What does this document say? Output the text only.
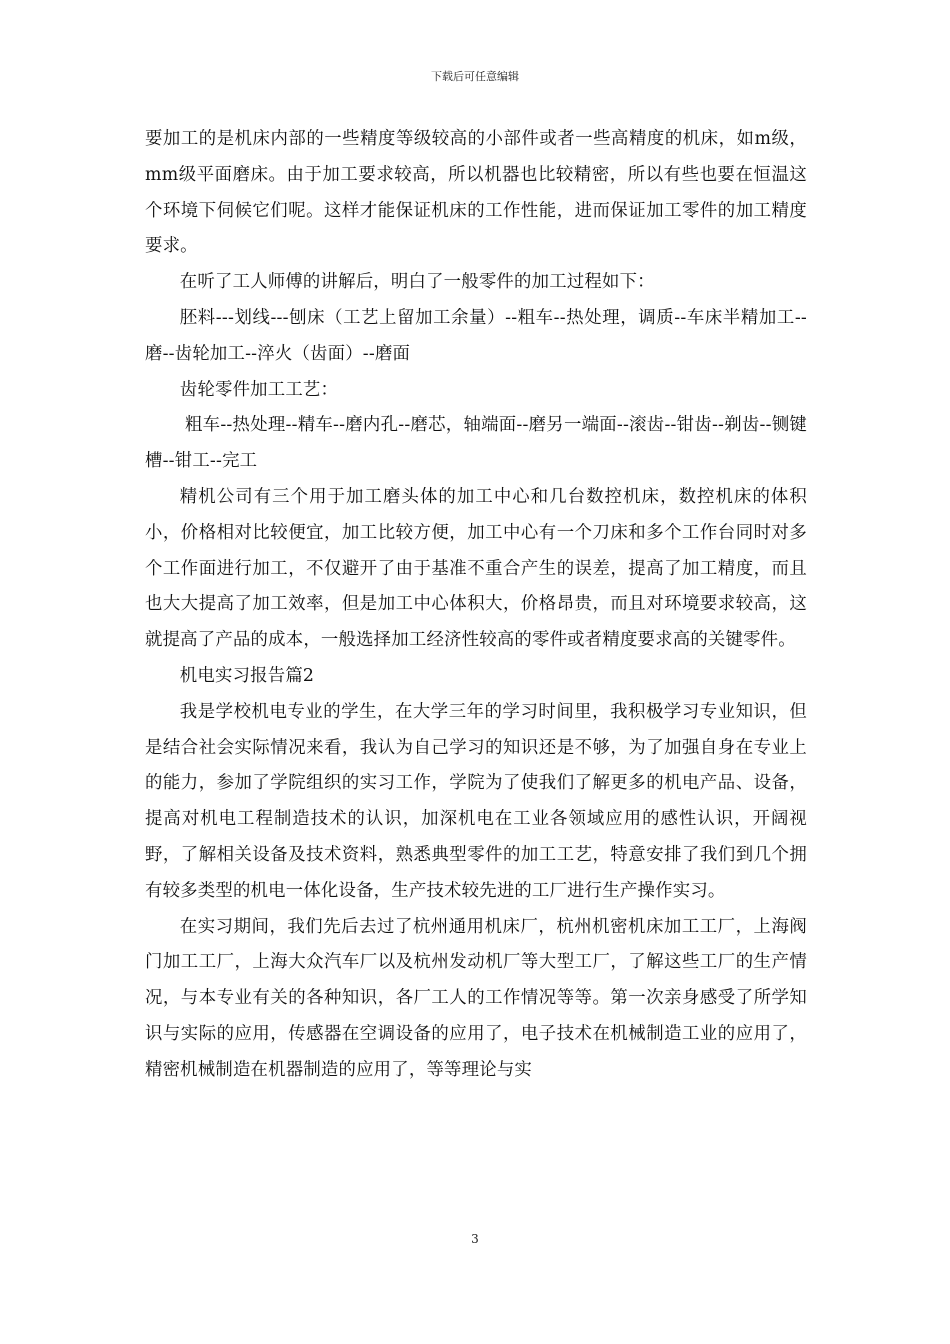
下载后可任意编辑

要加工的是机床内部的一些精度等级较高的小部件或者一些高精度的机床，如m级，mm级平面磨床。由于加工要求较高，所以机器也比较精密，所以有些也要在恒温这个环境下伺候它们呢。这样才能保证机床的工作性能，进而保证加工零件的加工精度要求。

在听了工人师傅的讲解后，明白了一般零件的加工过程如下：

胚料---划线---刨床（工艺上留加工余量）--粗车--热处理，调质--车床半精加工--磨--齿轮加工--淬火（齿面）--磨面

齿轮零件加工工艺：

粗车--热处理--精车--磨内孔--磨芯，轴端面--磨另一端面--滚齿--钳齿--剃齿--铡键槽--钳工--完工

精机公司有三个用于加工磨头体的加工中心和几台数控机床，数控机床的体积小，价格相对比较便宜，加工比较方便，加工中心有一个刀床和多个工作台同时对多个工作面进行加工，不仅避开了由于基准不重合产生的误差，提高了加工精度，而且也大大提高了加工效率，但是加工中心体积大，价格昂贵，而且对环境要求较高，这就提高了产品的成本，一般选择加工经济性较高的零件或者精度要求高的关键零件。

机电实习报告篇2

我是学校机电专业的学生，在大学三年的学习时间里，我积极学习专业知识，但是结合社会实际情况来看，我认为自己学习的知识还是不够，为了加强自身在专业上的能力，参加了学院组织的实习工作，学院为了使我们了解更多的机电产品、设备，提高对机电工程制造技术的认识，加深机电在工业各领域应用的感性认识，开阔视野，了解相关设备及技术资料，熟悉典型零件的加工工艺，特意安排了我们到几个拥有较多类型的机电一体化设备，生产技术较先进的工厂进行生产操作实习。

在实习期间，我们先后去过了杭州通用机床厂，杭州机密机床加工工厂，上海阀门加工工厂，上海大众汽车厂以及杭州发动机厂等大型工厂，了解这些工厂的生产情况，与本专业有关的各种知识，各厂工人的工作情况等等。第一次亲身感受了所学知识与实际的应用，传感器在空调设备的应用了，电子技术在机械制造工业的应用了，精密机械制造在机器制造的应用了，等等理论与实

3
